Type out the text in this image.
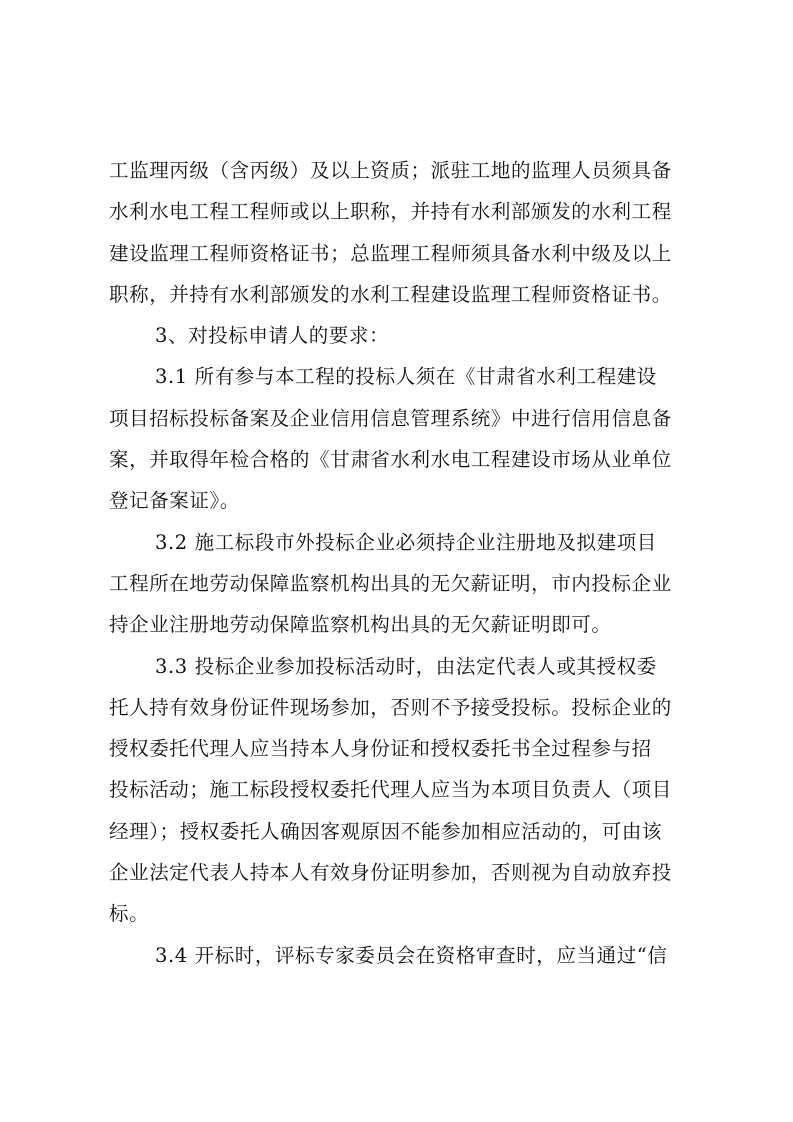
工监理丙级（含丙级）及以上资质；派驻工地的监理人员须具备
水利水电工程工程师或以上职称，并持有水利部颁发的水利工程
建设监理工程师资格证书；总监理工程师须具备水利中级及以上
职称，并持有水利部颁发的水利工程建设监理工程师资格证书。
3、对投标申请人的要求：
3.1 所有参与本工程的投标人须在《甘肃省水利工程建设
项目招标投标备案及企业信用信息管理系统》中进行信用信息备
案，并取得年检合格的《甘肃省水利水电工程建设市场从业单位
登记备案证》。
3.2 施工标段市外投标企业必须持企业注册地及拟建项目
工程所在地劳动保障监察机构出具的无欠薪证明，市内投标企业
持企业注册地劳动保障监察机构出具的无欠薪证明即可。
3.3 投标企业参加投标活动时，由法定代表人或其授权委
托人持有效身份证件现场参加，否则不予接受投标。投标企业的
授权委托代理人应当持本人身份证和授权委托书全过程参与招
投标活动；施工标段授权委托代理人应当为本项目负责人（项目
经理）；授权委托人确因客观原因不能参加相应活动的，可由该
企业法定代表人持本人有效身份证明参加，否则视为自动放弃投
标。
3.4 开标时，评标专家委员会在资格审查时，应当通过“信
